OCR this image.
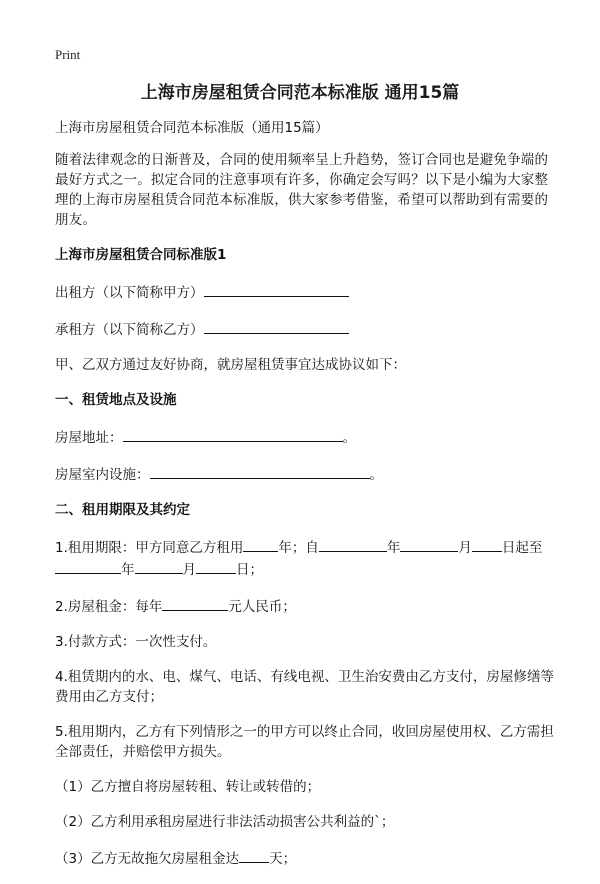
Print
上海市房屋租赁合同范本标准版 通用15篇

上海市房屋租赁合同范本标准版（通用15篇）

随着法律观念的日渐普及，合同的使用频率呈上升趋势，签订合同也是避免争端的最好方式之一。拟定合同的注意事项有许多，你确定会写吗？以下是小编为大家整理的上海市房屋租赁合同范本标准版，供大家参考借鉴，希望可以帮助到有需要的朋友。

上海市房屋租赁合同标准版1

出租方（以下简称甲方）

承租方（以下简称乙方）

甲、乙双方通过友好协商，就房屋租赁事宜达成协议如下：

一、租赁地点及设施

房屋地址：	。

房屋室内设施：	。

二、租用期限及其约定

1.租用期限：甲方同意乙方租用	年；自	年	月 日起至
年	月	日；

2.房屋租金：每年	元人民币；

3.付款方式：一次性支付。

4.租赁期内的水、电、煤气、电话、有线电视、卫生治安费由乙方支付，房屋修缮等费用由乙方支付；

5.租用期内，乙方有下列情形之一的甲方可以终止合同，收回房屋使用权、乙方需担全部责任，并赔偿甲方损失。

（1）乙方擅自将房屋转租、转让或转借的；

（2）乙方利用承租房屋进行非法活动损害公共利益的`；

（3）乙方无故拖欠房屋租金达 天；
